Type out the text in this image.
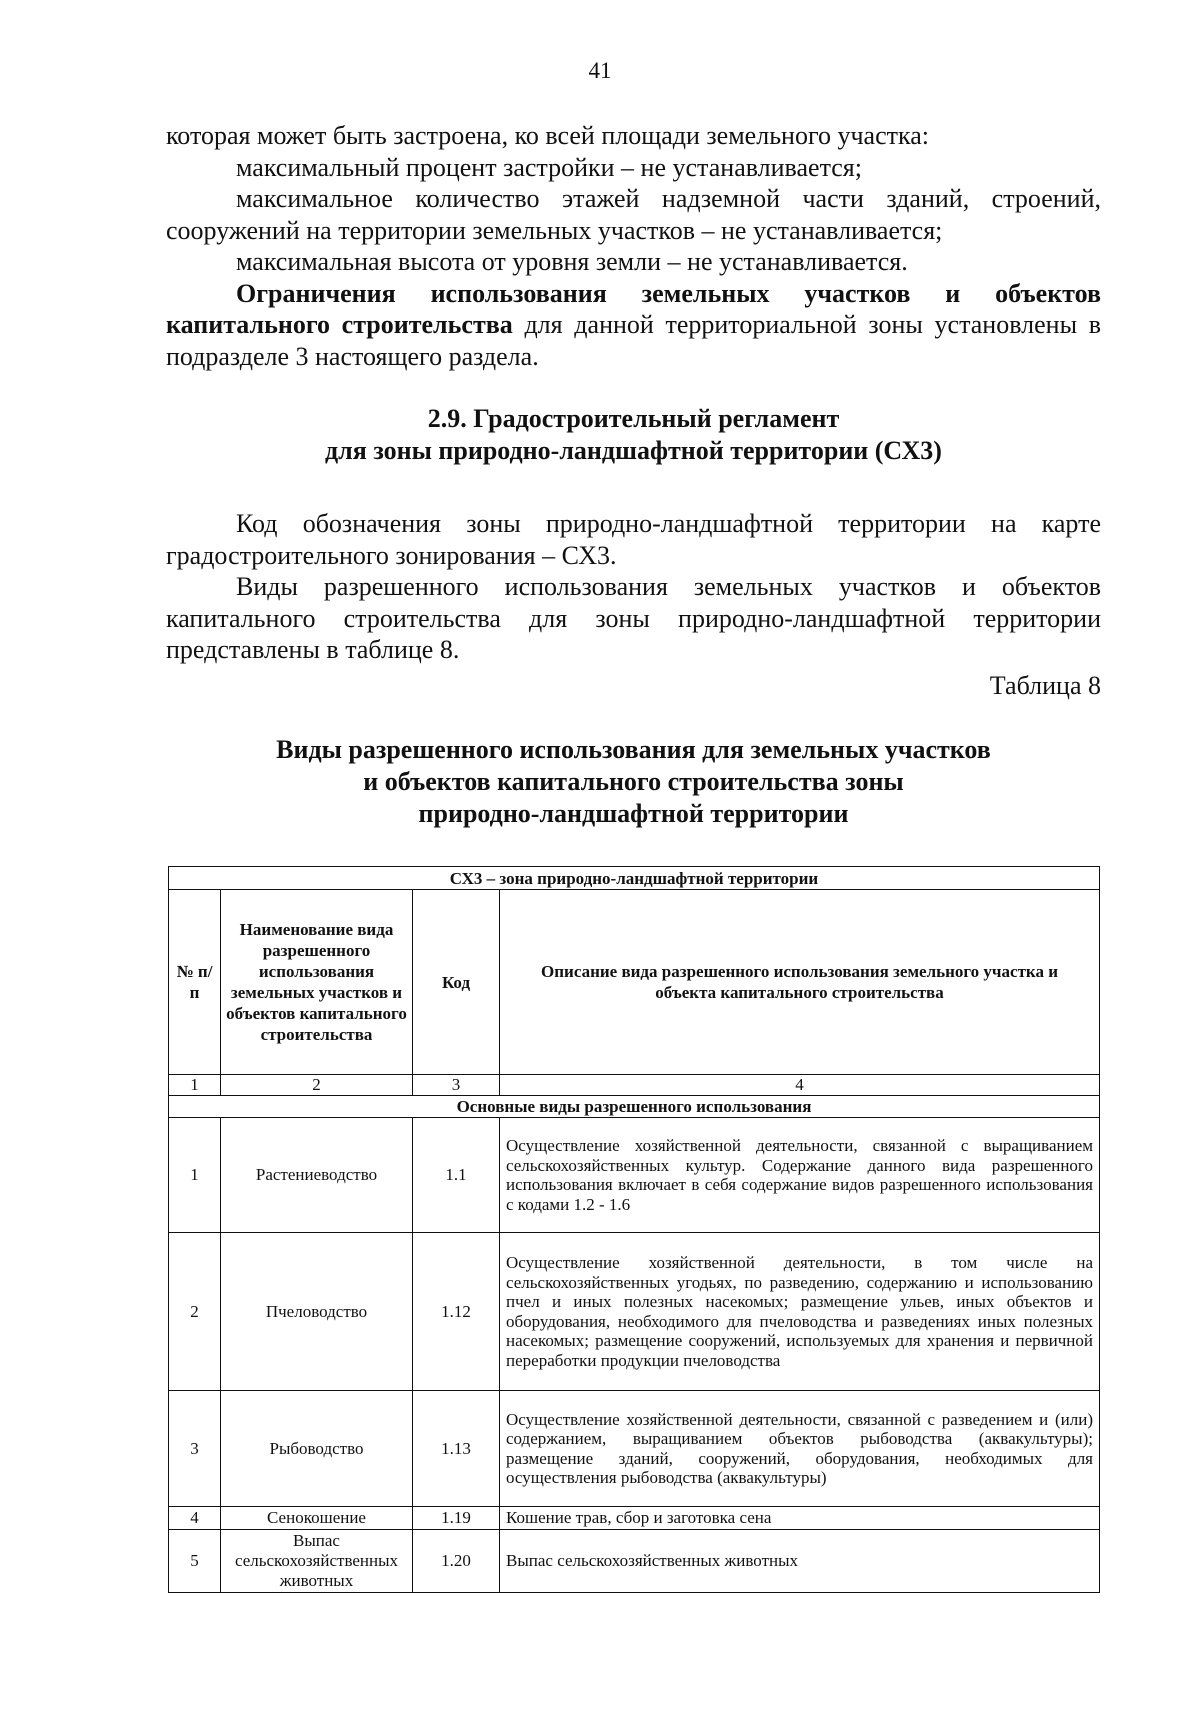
41

которая может быть застроена, ко всей площади земельного участка:

максимальный процент застройки – не устанавливается;

максимальное количество этажей надземной части зданий, строений, сооружений на территории земельных участков – не устанавливается;

максимальная высота от уровня земли – не устанавливается.

Ограничения использования земельных участков и объектов капитального строительства для данной территориальной зоны установлены в подразделе 3 настоящего раздела.

2.9. Градостроительный регламент
для зоны природно-ландшафтной территории (СХ3)

Код обозначения зоны природно-ландшафтной территории на карте градостроительного зонирования – СХ3.

Виды разрешенного использования земельных участков и объектов капитального строительства для зоны природно-ландшафтной территории представлены в таблице 8.

Таблица 8
Виды разрешенного использования для земельных участков
и объектов капитального строительства зоны
природно-ландшафтной территории
СХ3 – зона природно-ландшафтной территории			
№ п/п	Наименование вида разрешенного использования земельных участков и объектов капитального строительства	Код	Описание вида разрешенного использования земельного участка и объекта капитального строительства
1	2	3	4
Основные виды разрешенного использования			
1	Растениеводство	1.1	Осуществление хозяйственной деятельности, связанной с выращиванием сельскохозяйственных культур. Содержание данного вида разрешенного использования включает в себя содержание видов разрешенного использования с кодами 1.2 - 1.6
2	Пчеловодство	1.12	Осуществление хозяйственной деятельности, в том числе на сельскохозяйственных угодьях, по разведению, содержанию и использованию пчел и иных полезных насекомых; размещение ульев, иных объектов и оборудования, необходимого для пчеловодства и разведениях иных полезных насекомых; размещение сооружений, используемых для хранения и первичной переработки продукции пчеловодства
3	Рыбоводство	1.13	Осуществление хозяйственной деятельности, связанной с разведением и (или) содержанием, выращиванием объектов рыбоводства (аквакультуры); размещение зданий, сооружений, оборудования, необходимых для осуществления рыбоводства (аквакультуры)
4	Сенокошение	1.19	Кошение трав, сбор и заготовка сена
5	Выпас сельскохозяйственных животных	1.20	Выпас сельскохозяйственных животных
